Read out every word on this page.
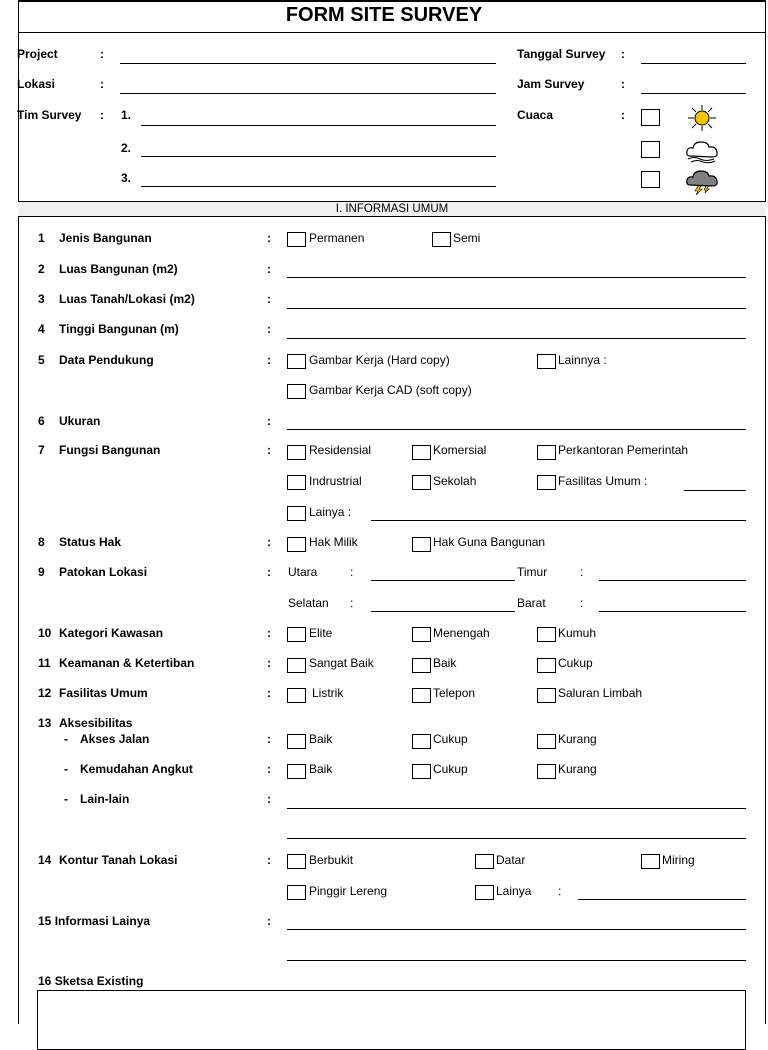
FORM SITE SURVEY
Project	:
Lokasi	:
Tim Survey : 1.
2.
3.
Tanggal Survey :
Jam Survey	:
Cuaca	:
I. INFORMASI UMUM
1 Jenis Bangunan	:	Permanen	Semi
2 Luas Bangunan (m2)	:
3 Luas Tanah/Lokasi (m2)	:
4 Tinggi Bangunan (m)	:
5 Data Pendukung	:	Gambar Kerja (Hard copy)	Lainnya :
Gambar Kerja CAD (soft copy)
6 Ukuran	:
7 Fungsi Bangunan	:	Residensial	Komersial	Perkantoran Pemerintah
Indrustrial	Sekolah	Fasilitas Umum :
Lainya :
8 Status Hak	:	Hak Milik	Hak Guna Bangunan
9 Patokan Lokasi	: Utara	:	Timur	:
Selatan :	Barat	:
10 Kategori Kawasan	:	Elite	Menengah	Kumuh
11 Keamanan & Ketertiban	:	Sangat Baik	Baik	Cukup
12 Fasilitas Umum	:	Listrik	Telepon	Saluran Limbah
13 Aksesibilitas
- Akses Jalan	:	Baik	Cukup	Kurang
- Kemudahan Angkut	:	Baik	Cukup	Kurang
- Lain-lain	:
14 Kontur Tanah Lokasi	:	Berbukit	Datar	Miring
Pinggir Lereng	Lainya :
15 Informasi Lainya	:
16 Sketsa Existing
